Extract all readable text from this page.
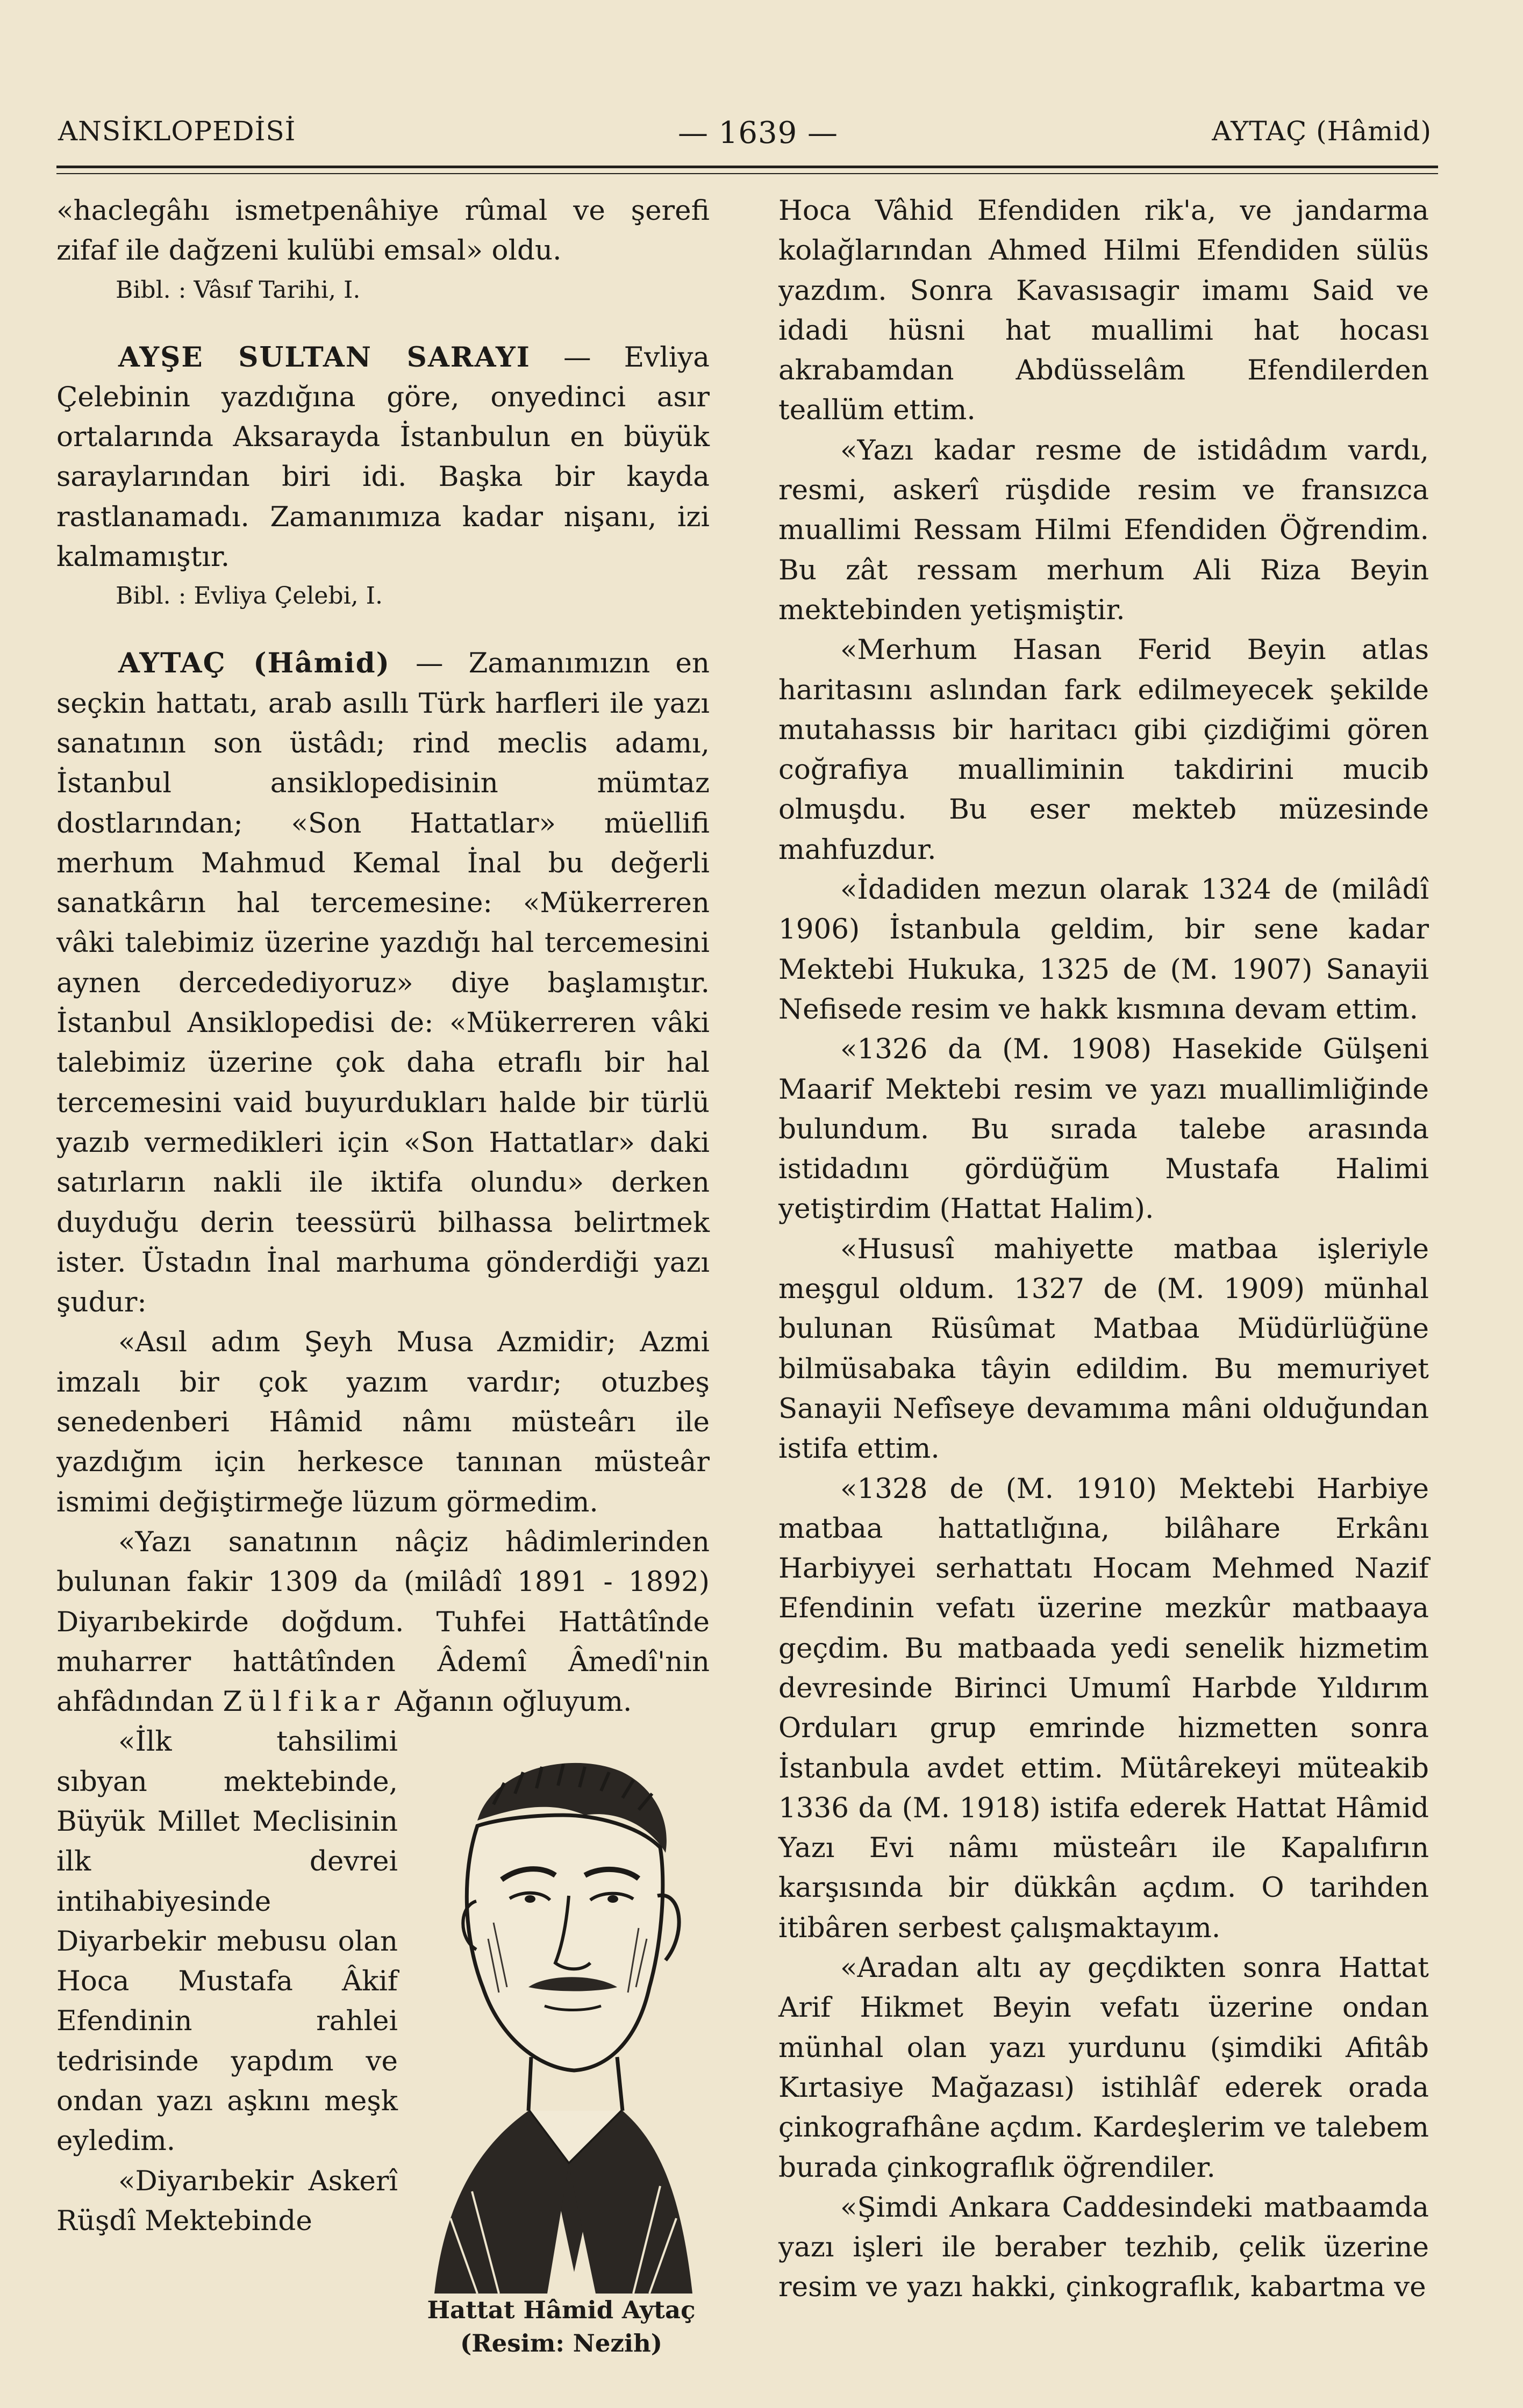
ANSİKLOPEDİSİ	— 1639 —	AYTAÇ (Hâmid)

«haclegâhı ismetpenâhiye rûmal ve şerefi zifaf ile dağzeni kulübi emsal» oldu.

Bibl. : Vâsıf Tarihi, I.

AYŞE SULTAN SARAYI — Evliya Çelebinin yazdığına göre, onyedinci asır ortalarında Aksarayda İstanbulun en büyük saraylarından biri idi. Başka bir kayda rastlanamadı. Zamanımıza kadar nişanı, izi kalmamıştır.

Bibl. : Evliya Çelebi, I.

AYTAÇ (Hâmid) — Zamanımızın en seçkin hattatı, arab asıllı Türk harfleri ile yazı sanatının son üstâdı; rind meclis adamı, İstanbul ansiklopedisinin mümtaz dostlarından; «Son Hattatlar» müellifi merhum Mahmud Kemal İnal bu değerli sanatkârın hal tercemesine: «Mükerreren vâki talebimiz üzerine yazdığı hal tercemesini aynen dercedediyoruz» diye başlamıştır. İstanbul Ansiklopedisi de: «Mükerreren vâki talebimiz üzerine çok daha etraflı bir hal tercemesini vaid buyurdukları halde bir türlü yazıb vermedikleri için «Son Hattatlar» daki satırların nakli ile iktifa olundu» derken duyduğu derin teessürü bilhassa belirtmek ister. Üstadın İnal marhuma gönderdiği yazı şudur:

«Asıl adım Şeyh Musa Azmidir; Azmi imzalı bir çok yazım vardır; otuzbeş senedenberi Hâmid nâmı müsteârı ile yazdığım için herkesce tanınan müsteâr ismimi değiştirmeğe lüzum görmedim.

«Yazı sanatının nâçiz hâdimlerinden bulunan fakir 1309 da (milâdî 1891 - 1892) Diyarıbekirde doğdum. Tuhfei Hattâtînde muharrer hattâtînden Âdemî Âmedî'nin ahfâdından Zülfikar Ağanın oğluyum.

Hattat Hâmid Aytaç
(Resim: Nezih)

«İlk tahsilimi sıbyan mektebinde, Büyük Millet Meclisinin ilk devrei intihabiyesinde Diyarbekir mebusu olan Hoca Mustafa Âkif Efendinin rahlei tedrisinde yapdım ve ondan yazı aşkını meşk eyledim.

«Diyarıbekir Askerî Rüşdî Mektebinde

Hoca Vâhid Efendiden rik'a, ve jandarma kolağlarından Ahmed Hilmi Efendiden sülüs yazdım. Sonra Kavasısagir imamı Said ve idadi hüsni hat muallimi hat hocası akrabamdan Abdüsselâm Efendilerden teallüm ettim.

«Yazı kadar resme de istidâdım vardı, resmi, askerî rüşdide resim ve fransızca muallimi Ressam Hilmi Efendiden Öğrendim. Bu zât ressam merhum Ali Riza Beyin mektebinden yetişmiştir.

«Merhum Hasan Ferid Beyin atlas haritasını aslından fark edilmeyecek şekilde mutahassıs bir haritacı gibi çizdiğimi gören coğrafiya mualliminin takdirini mucib olmuşdu. Bu eser mekteb müzesinde mahfuzdur.

«İdadiden mezun olarak 1324 de (milâdî 1906) İstanbula geldim, bir sene kadar Mektebi Hukuka, 1325 de (M. 1907) Sanayii Nefisede resim ve hakk kısmına devam ettim.

«1326 da (M. 1908) Hasekide Gülşeni Maarif Mektebi resim ve yazı muallimliğinde bulundum. Bu sırada talebe arasında istidadını gördüğüm Mustafa Halimi yetiştirdim (Hattat Halim).

«Hususî mahiyette matbaa işleriyle meşgul oldum. 1327 de (M. 1909) münhal bulunan Rüsûmat Matbaa Müdürlüğüne bilmüsabaka tâyin edildim. Bu memuriyet Sanayii Nefîseye devamıma mâni olduğundan istifa ettim.

«1328 de (M. 1910) Mektebi Harbiye matbaa hattatlığına, bilâhare Erkânı Harbiyyei serhattatı Hocam Mehmed Nazif Efendinin vefatı üzerine mezkûr matbaaya geçdim. Bu matbaada yedi senelik hizmetim devresinde Birinci Umumî Harbde Yıldırım Orduları grup emrinde hizmetten sonra İstanbula avdet ettim. Mütârekeyi müteakib 1336 da (M. 1918) istifa ederek Hattat Hâmid Yazı Evi nâmı müsteârı ile Kapalıfırın karşısında bir dükkân açdım. O tarihden itibâren serbest çalışmaktayım.

«Aradan altı ay geçdikten sonra Hattat Arif Hikmet Beyin vefatı üzerine ondan münhal olan yazı yurdunu (şimdiki Afitâb Kırtasiye Mağazası) istihlâf ederek orada çinkografhâne açdım. Kardeşlerim ve talebem burada çinkograflık öğrendiler.

«Şimdi Ankara Caddesindeki matbaamda yazı işleri ile beraber tezhib, çelik üzerine resim ve yazı hakki, çinkograflık, kabartma ve
